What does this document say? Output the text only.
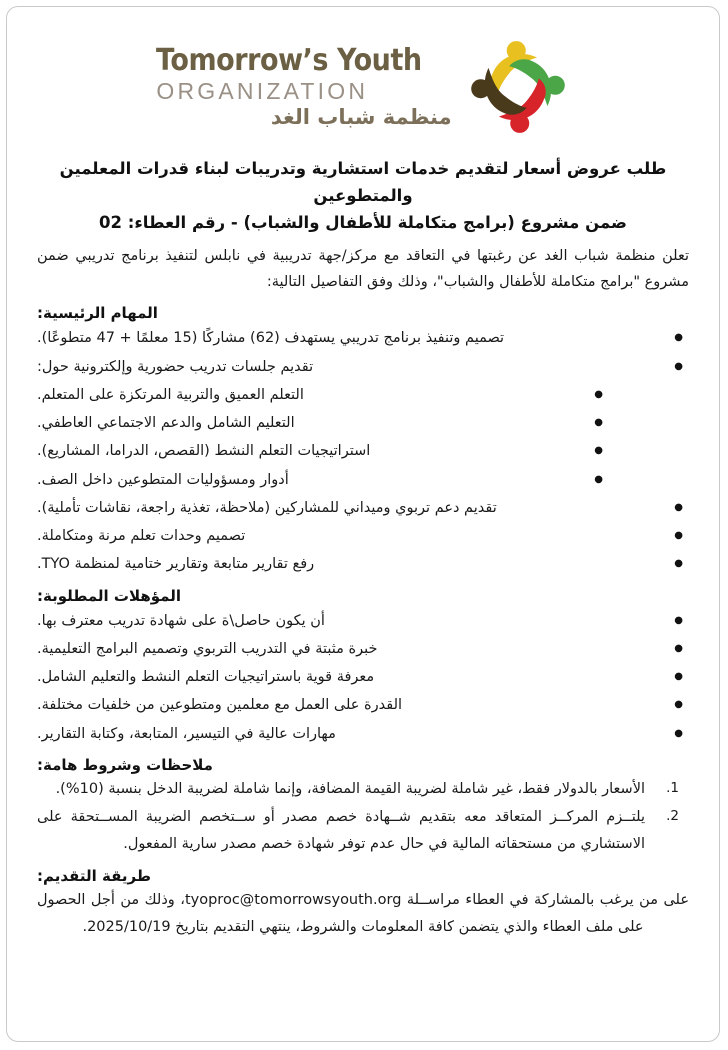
Tomorrow’s Youth
ORGANIZATION
منظمة شباب الغد
طلب عروض أسعار لتقديم خدمات استشارية وتدريبات لبناء قدرات المعلمين والمتطوعين
ضمن مشروع (برامج متكاملة للأطفال والشباب) - رقم العطاء: 02

تعلن منظمة شباب الغد عن رغبتها في التعاقد مع مركز/جهة تدريبية في نابلس لتنفيذ برنامج تدريبي ضمن مشروع "برامج متكاملة للأطفال والشباب"، وذلك وفق التفاصيل التالية:

المهام الرئيسية:
● تصميم وتنفيذ برنامج تدريبي يستهدف (62) مشاركًا (15 معلمًا + 47 متطوعًا).
● تقديم جلسات تدريب حضورية وإلكترونية حول:
● التعلم العميق والتربية المرتكزة على المتعلم.
● التعليم الشامل والدعم الاجتماعي العاطفي.
● استراتيجيات التعلم النشط (القصص، الدراما، المشاريع).
● أدوار ومسؤوليات المتطوعين داخل الصف.
● تقديم دعم تربوي وميداني للمشاركين (ملاحظة، تغذية راجعة، نقاشات تأملية).
● تصميم وحدات تعلم مرنة ومتكاملة.
● رفع تقارير متابعة وتقارير ختامية لمنظمة TYO.
المؤهلات المطلوبة:
● أن يكون حاصل\ة على شهادة تدريب معترف بها.
● خبرة مثبتة في التدريب التربوي وتصميم البرامج التعليمية.
● معرفة قوية باستراتيجيات التعلم النشط والتعليم الشامل.
● القدرة على العمل مع معلمين ومتطوعين من خلفيات مختلفة.
● مهارات عالية في التيسير، المتابعة، وكتابة التقارير.
ملاحظات وشروط هامة:
الأسعار بالدولار فقط، غير شاملة لضريبة القيمة المضافة، وإنما شاملة لضريبة الدخل بنسبة (10%).
يلتــزم المركــز المتعاقد معه بتقديم شــهادة خصم مصدر أو ســتخصم الضريبة المســتحقة على الاستشاري من مستحقاته المالية في حال عدم توفر شهادة خصم مصدر سارية المفعول.
طريقة التقديم:

على من يرغب بالمشاركة في العطاء مراســلة tyoproc@tomorrowsyouth.org، وذلك من أجل الحصول على ملف العطاء والذي يتضمن كافة المعلومات والشروط، ينتهي التقديم بتاريخ 2025/10/19.
